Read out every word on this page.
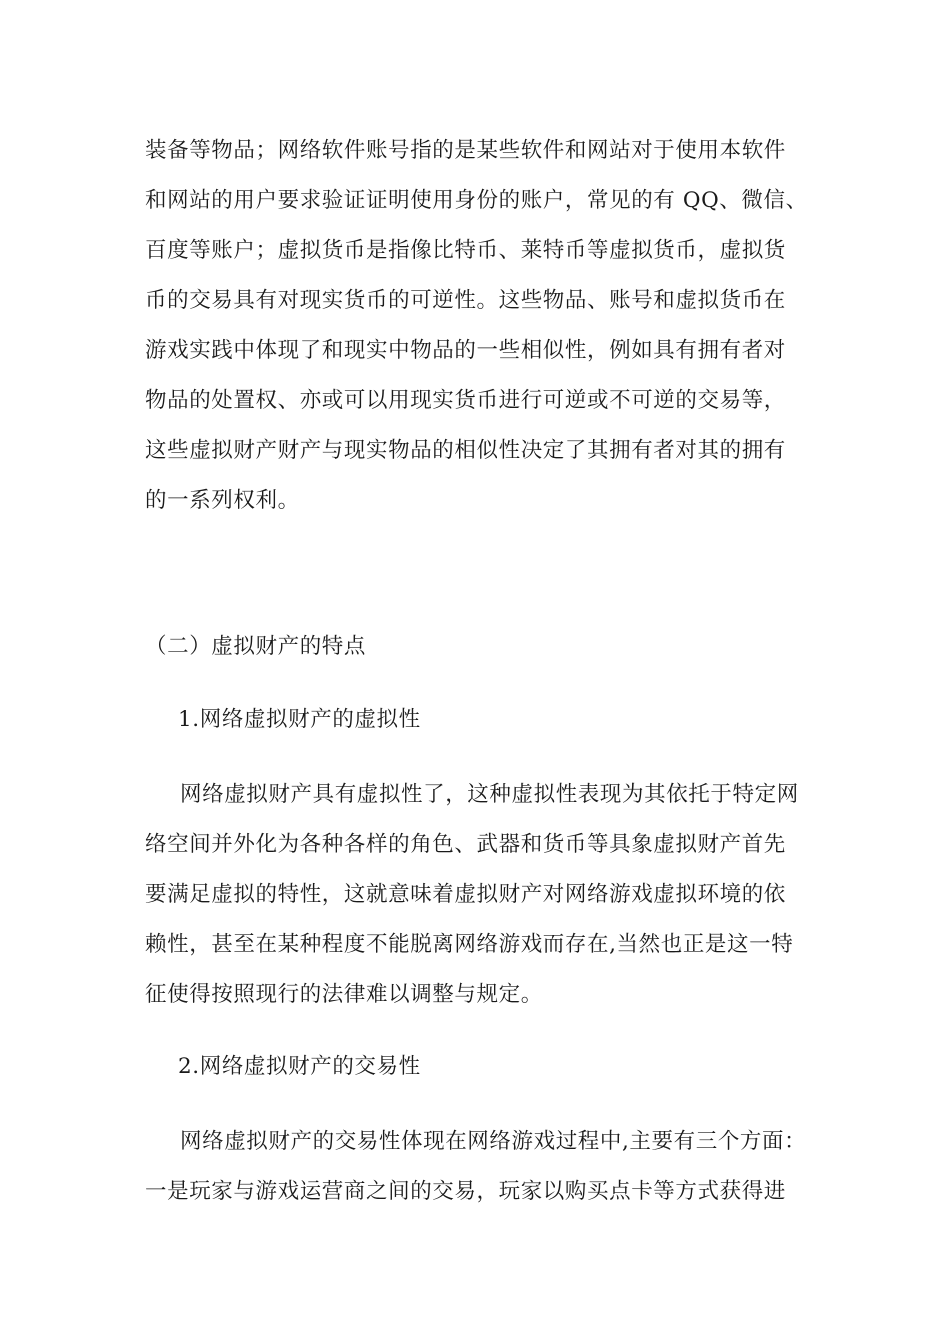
装备等物品；网络软件账号指的是某些软件和网站对于使用本软件
和网站的用户要求验证证明使用身份的账户，常见的有 QQ、微信、
百度等账户；虚拟货币是指像比特币、莱特币等虚拟货币，虚拟货
币的交易具有对现实货币的可逆性。这些物品、账号和虚拟货币在
游戏实践中体现了和现实中物品的一些相似性，例如具有拥有者对
物品的处置权、亦或可以用现实货币进行可逆或不可逆的交易等，
这些虚拟财产财产与现实物品的相似性决定了其拥有者对其的拥有
的一系列权利。
（二）虚拟财产的特点
1.网络虚拟财产的虚拟性
网络虚拟财产具有虚拟性了，这种虚拟性表现为其依托于特定网
络空间并外化为各种各样的角色、武器和货币等具象虚拟财产首先
要满足虚拟的特性，这就意味着虚拟财产对网络游戏虚拟环境的依
赖性，甚至在某种程度不能脱离网络游戏而存在,当然也正是这一特
征使得按照现行的法律难以调整与规定。
2.网络虚拟财产的交易性
网络虚拟财产的交易性体现在网络游戏过程中,主要有三个方面：
一是玩家与游戏运营商之间的交易，玩家以购买点卡等方式获得进
